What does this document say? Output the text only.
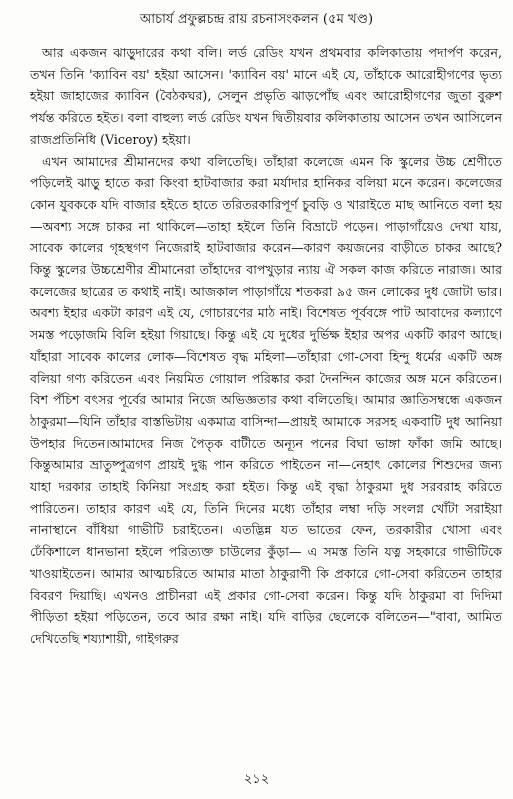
আচার্য প্রফুল্লচন্দ্র রায় রচনাসংকলন (৫ম খণ্ড)

আর একজন ঝাড়ুদারের কথা বলি। লর্ড রেডিং যখন প্রথমবার কলিকাতায় পদার্পণ করেন, তখন তিনি 'ক্যাবিন বয়' হইয়া আসেন। 'ক্যাবিন বয়' মানে এই যে, তাঁহাকে আরোহীগণের ভৃত্য হইয়া জাহাজের ক্যাবিন (বৈঠকঘর), সেলুন প্রভৃতি ঝাড়পোঁছ এবং আরোহীগণের জুতা বুরুশ পর্যন্ত করিতে হইত। বলা বাহুল্য লর্ড রেডিং যখন দ্বিতীয়বার কলিকাতায় আসেন তখন আসিলেন রাজপ্রতিনিধি (Viceroy) হইয়া।

এখন আমাদের শ্রীমানদের কথা বলিতেছি। তাঁহারা কলেজে এমন কি স্কুলের উচ্চ শ্রেণীতে পড়িলেই ঝাড়ু হাতে করা কিংবা হাটবাজার করা মর্যাদার হানিকর বলিয়া মনে করেন। কলেজের কোন যুবককে যদি বাজার হইতে হাতে তরিতরকারিপূর্ণ চুবড়ি ও খারাইতে মাছ আনিতে বলা হয়—অবশ্য সঙ্গে চাকর না থাকিলে—তাহা হইলে তিনি বিভ্রাটে পড়েন। পাড়াগাঁয়েও দেখা যায়, সাবেক কালের গৃহস্থগণ নিজেরাই হাটবাজার করেন—কারণ কয়জনের বাড়ীতে চাকর আছে? কিন্তু স্কুলের উচ্চশ্রেণীর শ্রীমানেরা তাঁহাদের বাপখুড়ার ন্যায় ঐ সকল কাজ করিতে নারাজ। আর কলেজের ছাত্রের ত কথাই নাই। আজকাল পাড়াগাঁয়ে শতকরা ৯৫ জন লোকের দুধ জোটা ভার। অবশ্য ইহার একটা কারণ এই যে, গোচারণের মাঠ নাই। বিশেষত পূর্ববঙ্গে পাট আবাদের কল্যাণে সমস্ত পড়োজমি বিলি হইয়া গিয়াছে। কিন্তু এই যে দুধের দুর্ভিক্ষ ইহার অপর একটি কারণ আছে। যাঁহারা সাবেক কালের লোক—বিশেষত বৃদ্ধ মহিলা—তাঁহারা গো-সেবা হিন্দু ধর্মের একটি অঙ্গ বলিয়া গণ্য করিতেন এবং নিয়মিত গোয়াল পরিষ্কার করা দৈনন্দিন কাজের অঙ্গ মনে করিতেন। বিশ পঁচিশ বৎসর পূর্বের আমার নিজে অভিজ্ঞতার কথা বলিতেছি। আমার জ্ঞাতিসম্বন্ধে একজন ঠাকুরমা—যিনি তাঁহার বাস্তভিটায় একমাত্র বাসিন্দা—প্রায়ই আমাকে সরসহ একবাটি দুধ আনিয়া উপহার দিতেন।আমাদের নিজ পৈতৃক বাটীতে অন্যূন পনের বিঘা ভাঙ্গা ফাঁকা জমি আছে। কিন্তুআমার ভ্রাতুষ্পুত্রগণ প্রায়ই দুগ্ধ পান করিতে পাইতেন না—নেহাৎ কোলের শিশুদের জন্য যাহা দরকার তাহাই কিনিয়া সংগ্রহ করা হইত। কিন্তু এই বৃদ্ধা ঠাকুরমা দুধ সরবরাহ করিতে পারিতেন। তাহার কারণ এই যে, তিনি দিনের মধ্যে তাঁহার লম্বা দড়ি সংলগ্ন খোঁটা সরাইয়া নানাস্থানে বাঁধিয়া গাভীটি চরাইতেন। এতদ্ভিন্ন যত ভাতের ফেন, তরকারীর খোসা এবং ঢেঁকিশালে ধানভানা হইলে পরিত্যক্ত চাউলের কুঁড়া— এ সমস্ত তিনি যত্ন সহকারে গাভীটিকে খাওয়াইতেন। আমার আত্মচরিতে আমার মাতা ঠাকুরাণী কি প্রকারে গো-সেবা করিতেন তাহার বিবরণ দিয়াছি। এখনও প্রাচীনরা এই প্রকার গো-সেবা করেন। কিন্তু যদি ঠাকুরমা বা দিদিমা পীড়িতা হইয়া পড়িতেন, তবে আর রক্ষা নাই। যদি বাড়ির ছেলেকে বলিতেন—"বাবা, আমিত দেখিতেছি শয্যাশায়ী, গাইগরুর

২১২
